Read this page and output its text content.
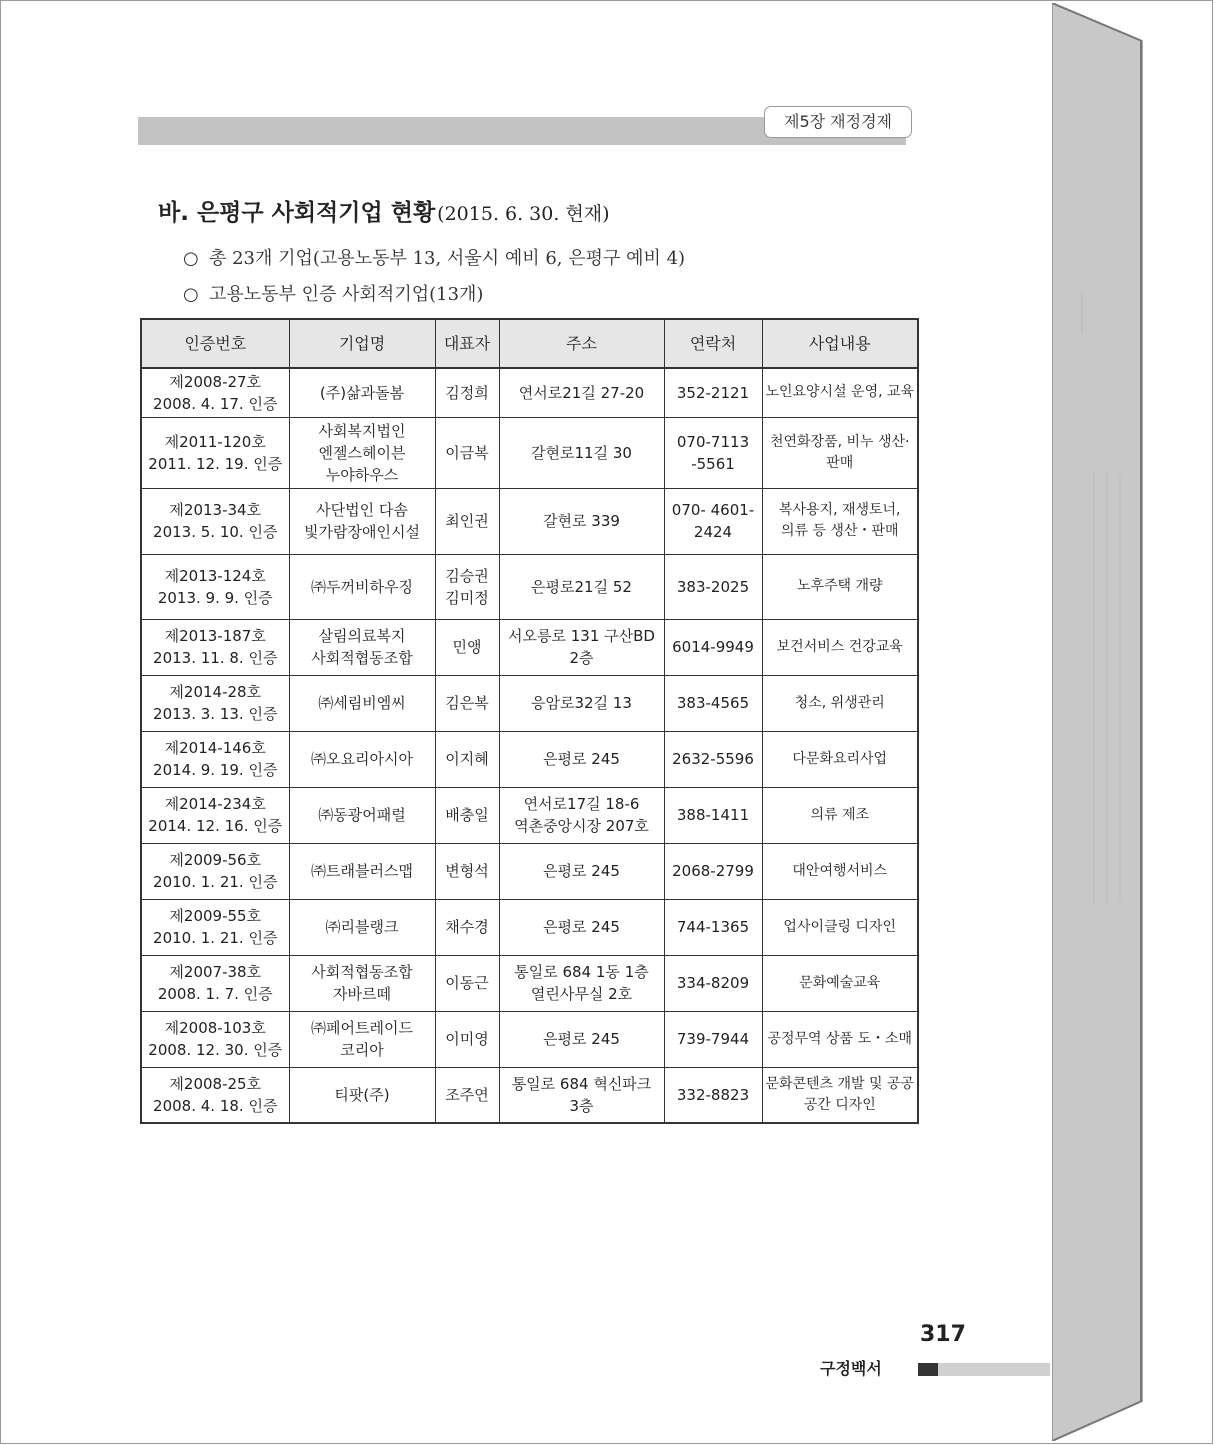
제5장 재정경제
바. 은평구 사회적기업 현황 (2015. 6. 30. 현재)
○ 총 23개 기업(고용노동부 13, 서울시 예비 6, 은평구 예비 4)
○ 고용노동부 인증 사회적기업(13개)
인증번호	기업명	대표자	주소	연락처	사업내용

제2008-27호
2008. 4. 17. 인증	(주)삶과돌봄	김정희	연서로21길 27-20	352-2121	노인요양시설 운영, 교육

제2011-120호
2011. 12. 19. 인증	사회복지법인 엔젤스헤이븐 누야하우스	이금복	갈현로11길 30	070-7113 -5561	천연화장품, 비누 생산·판매

제2013-34호
2013. 5. 10. 인증	사단법인 다솜 빛가람장애인시설	최인권	갈현로 339	070- 4601-2424	복사용지, 재생토너, 의류 등 생산・판매

제2013-124호
2013. 9. 9. 인증	㈜두꺼비하우징	김승권 김미정	은평로21길 52	383-2025	노후주택 개량

제2013-187호
2013. 11. 8. 인증	살림의료복지 사회적협동조합	민앵	서오릉로 131 구산BD 2층	6014-9949	보건서비스 건강교육

제2014-28호
2013. 3. 13. 인증	㈜세림비엠씨	김은복	응암로32길 13	383-4565	청소, 위생관리

제2014-146호
2014. 9. 19. 인증	㈜오요리아시아	이지혜	은평로 245	2632-5596	다문화요리사업

제2014-234호
2014. 12. 16. 인증	㈜동광어패럴	배충일	연서로17길 18-6 역촌중앙시장 207호	388-1411	의류 제조

제2009-56호
2010. 1. 21. 인증	㈜트래블러스맵	변형석	은평로 245	2068-2799	대안여행서비스

제2009-55호
2010. 1. 21. 인증	㈜리블랭크	채수경	은평로 245	744-1365	업사이클링 디자인

제2007-38호
2008. 1. 7. 인증	사회적협동조합 자바르떼	이동근	통일로 684 1동 1층 열린사무실 2호	334-8209	문화예술교육

제2008-103호
2008. 12. 30. 인증	㈜페어트레이드 코리아	이미영	은평로 245	739-7944	공정무역 상품 도・소매

제2008-25호
2008. 4. 18. 인증	티팟(주)	조주연	통일로 684 혁신파크 3층	332-8823	문화콘텐츠 개발 및 공공 공간 디자인
317
구정백서
